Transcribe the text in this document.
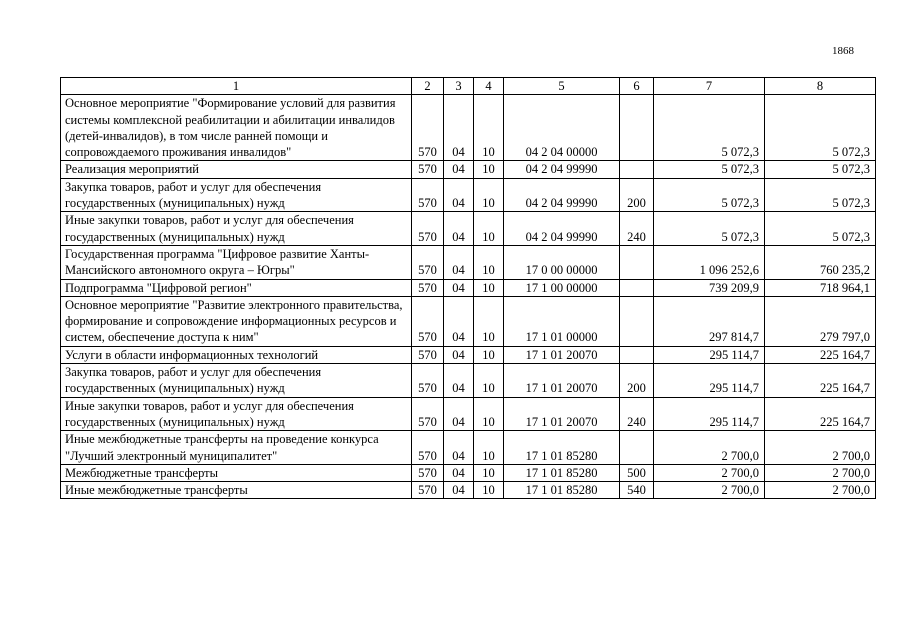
1868
1	2	3	4	5	6	7	8
Основное мероприятие "Формирование условий для развития системы комплексной реабилитации и абилитации инвалидов (детей-инвалидов), в том числе ранней помощи и сопровождаемого проживания инвалидов"	570	04	10	04 2 04 00000		5 072,3	5 072,3
Реализация мероприятий	570	04	10	04 2 04 99990		5 072,3	5 072,3
Закупка товаров, работ и услуг для обеспечения государственных (муниципальных) нужд	570	04	10	04 2 04 99990	200	5 072,3	5 072,3
Иные закупки товаров, работ и услуг для обеспечения государственных (муниципальных) нужд	570	04	10	04 2 04 99990	240	5 072,3	5 072,3
Государственная программа "Цифровое развитие Ханты-Мансийского автономного округа – Югры"	570	04	10	17 0 00 00000		1 096 252,6	760 235,2
Подпрограмма "Цифровой регион"	570	04	10	17 1 00 00000		739 209,9	718 964,1
Основное мероприятие "Развитие электронного правительства, формирование и сопровождение информационных ресурсов и систем, обеспечение доступа к ним"	570	04	10	17 1 01 00000		297 814,7	279 797,0
Услуги в области информационных технологий	570	04	10	17 1 01 20070		295 114,7	225 164,7
Закупка товаров, работ и услуг для обеспечения государственных (муниципальных) нужд	570	04	10	17 1 01 20070	200	295 114,7	225 164,7
Иные закупки товаров, работ и услуг для обеспечения государственных (муниципальных) нужд	570	04	10	17 1 01 20070	240	295 114,7	225 164,7
Иные межбюджетные трансферты на проведение конкурса "Лучший электронный муниципалитет"	570	04	10	17 1 01 85280		2 700,0	2 700,0
Межбюджетные трансферты	570	04	10	17 1 01 85280	500	2 700,0	2 700,0
Иные межбюджетные трансферты	570	04	10	17 1 01 85280	540	2 700,0	2 700,0
